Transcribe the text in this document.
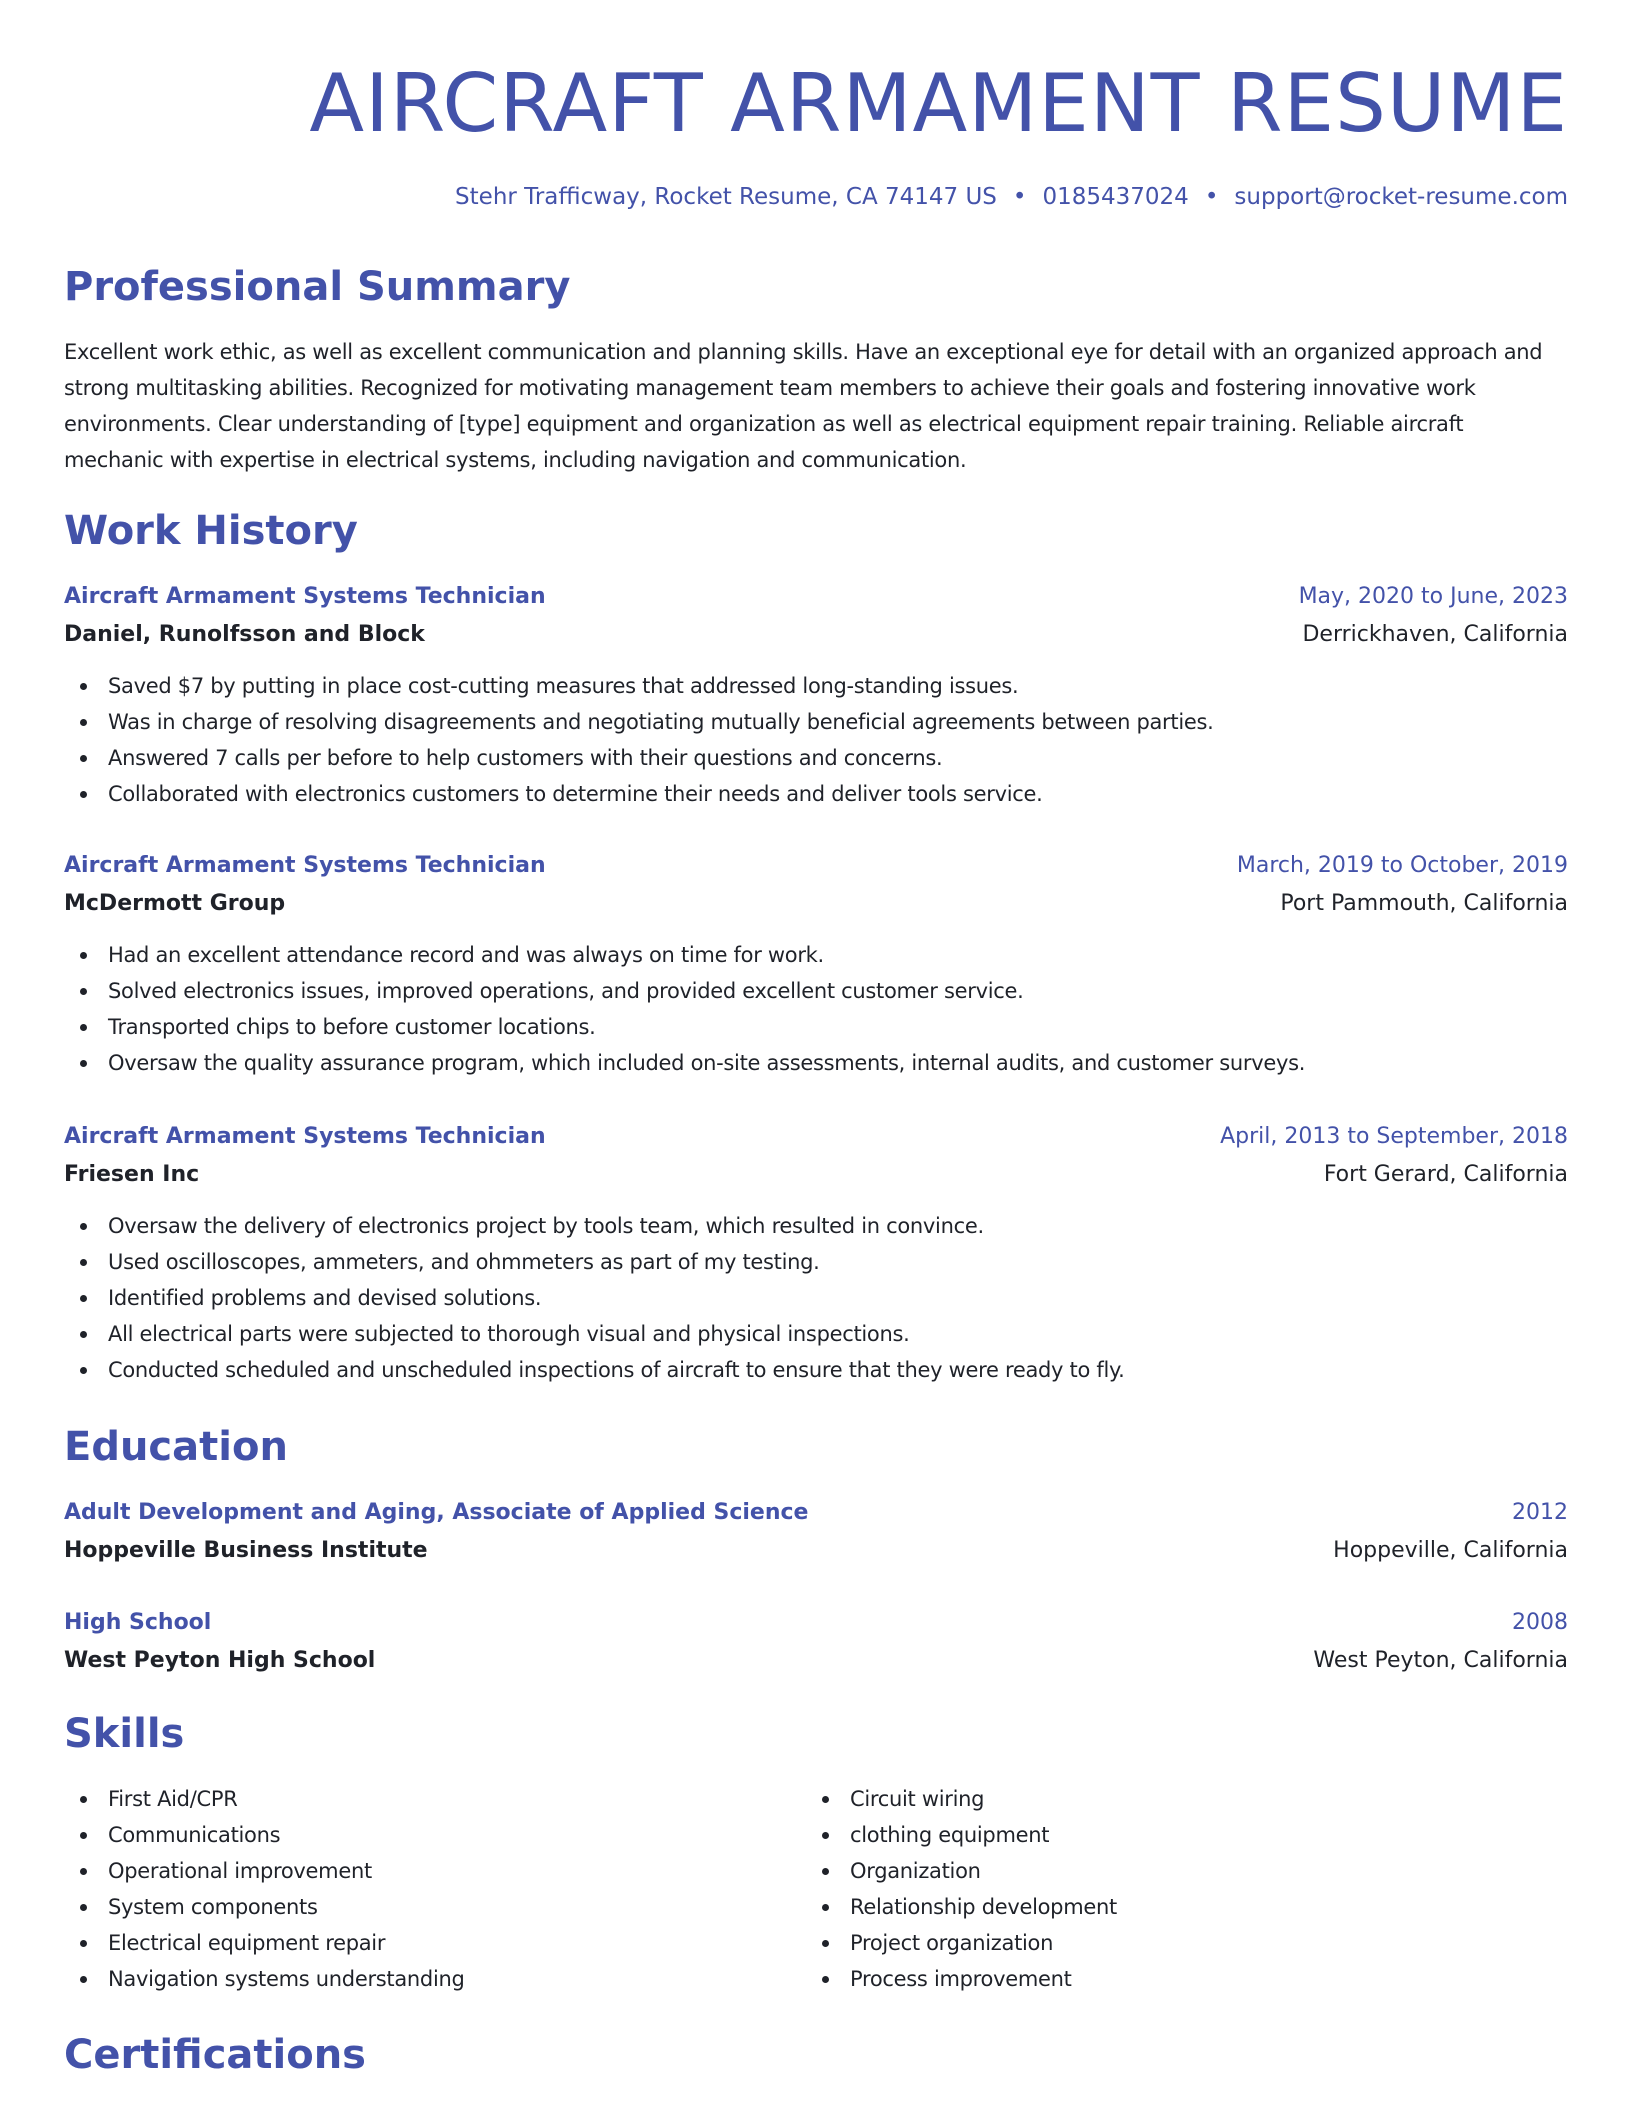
AIRCRAFT ARMAMENT RESUME
Stehr Trafficway, Rocket Resume, CA 74147 US • 0185437024 • support@rocket-resume.com
Professional Summary

Excellent work ethic, as well as excellent communication and planning skills. Have an exceptional eye for detail with an organized approach and strong multitasking abilities. Recognized for motivating management team members to achieve their goals and fostering innovative work environments. Clear understanding of [type] equipment and organization as well as electrical equipment repair training. Reliable aircraft mechanic with expertise in electrical systems, including navigation and communication.

Work History
Aircraft Armament Systems Technician	May, 2020 to June, 2023
Daniel, Runolfsson and Block	Derrickhaven, California
Saved $7 by putting in place cost-cutting measures that addressed long-standing issues.
Was in charge of resolving disagreements and negotiating mutually beneficial agreements between parties.
Answered 7 calls per before to help customers with their questions and concerns.
Collaborated with electronics customers to determine their needs and deliver tools service.
Aircraft Armament Systems Technician	March, 2019 to October, 2019
McDermott Group	Port Pammouth, California
Had an excellent attendance record and was always on time for work.
Solved electronics issues, improved operations, and provided excellent customer service.
Transported chips to before customer locations.
Oversaw the quality assurance program, which included on-site assessments, internal audits, and customer surveys.
Aircraft Armament Systems Technician	April, 2013 to September, 2018
Friesen Inc	Fort Gerard, California
Oversaw the delivery of electronics project by tools team, which resulted in convince.
Used oscilloscopes, ammeters, and ohmmeters as part of my testing.
Identified problems and devised solutions.
All electrical parts were subjected to thorough visual and physical inspections.
Conducted scheduled and unscheduled inspections of aircraft to ensure that they were ready to fly.
Education
Adult Development and Aging, Associate of Applied Science	2012
Hoppeville Business Institute	Hoppeville, California
High School	2008
West Peyton High School	West Peyton, California
Skills
First Aid/CPR
Communications
Operational improvement
System components
Electrical equipment repair
Navigation systems understanding
Circuit wiring
clothing equipment
Organization
Relationship development
Project organization
Process improvement
Certifications
